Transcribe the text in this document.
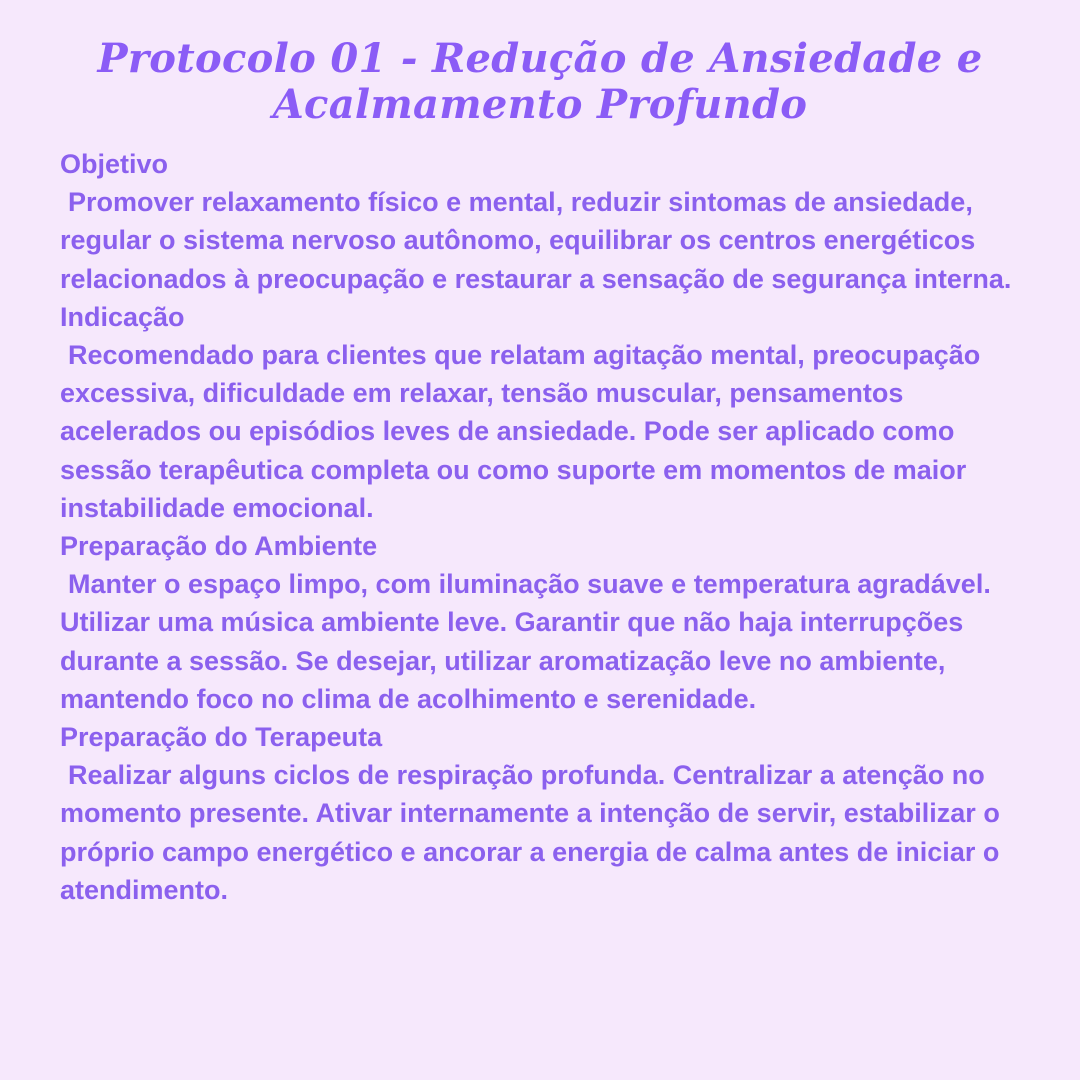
Protocolo 01 - Redução de Ansiedade e
Acalmamento Profundo

Objetivo

Promover relaxamento físico e mental, reduzir sintomas de ansiedade, regular o sistema nervoso autônomo, equilibrar os centros energéticos relacionados à preocupação e restaurar a sensação de segurança interna.

Indicação

Recomendado para clientes que relatam agitação mental, preocupação excessiva, dificuldade em relaxar, tensão muscular, pensamentos acelerados ou episódios leves de ansiedade. Pode ser aplicado como sessão terapêutica completa ou como suporte em momentos de maior instabilidade emocional.

Preparação do Ambiente

Manter o espaço limpo, com iluminação suave e temperatura agradável. Utilizar uma música ambiente leve. Garantir que não haja interrupções durante a sessão. Se desejar, utilizar aromatização leve no ambiente, mantendo foco no clima de acolhimento e serenidade.

Preparação do Terapeuta

Realizar alguns ciclos de respiração profunda. Centralizar a atenção no momento presente. Ativar internamente a intenção de servir, estabilizar o próprio campo energético e ancorar a energia de calma antes de iniciar o atendimento.
